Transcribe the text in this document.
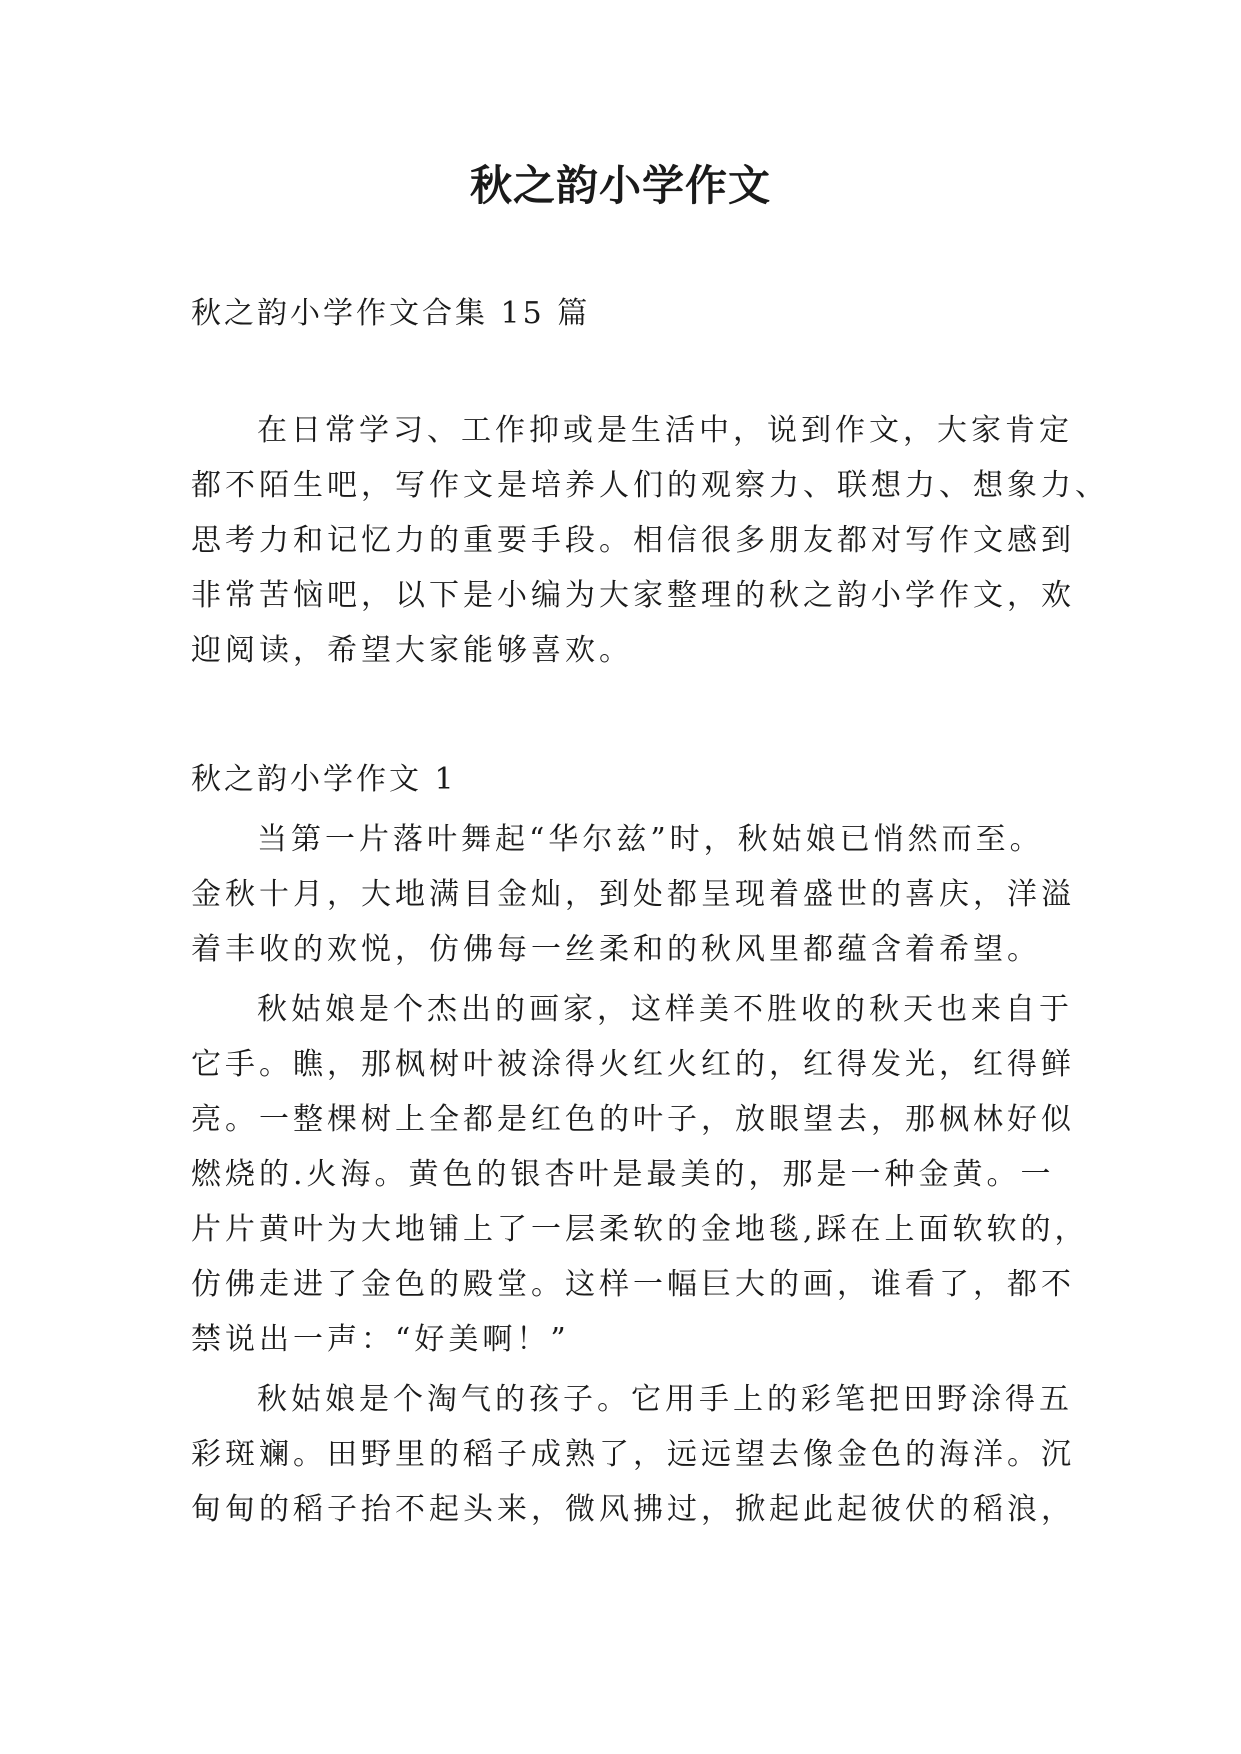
秋之韵小学作文

秋之韵小学作文合集 15 篇

在日常学习、工作抑或是生活中，说到作文，大家肯定
都不陌生吧，写作文是培养人们的观察力、联想力、想象力、
思考力和记忆力的重要手段。相信很多朋友都对写作文感到
非常苦恼吧，以下是小编为大家整理的秋之韵小学作文，欢
迎阅读，希望大家能够喜欢。

秋之韵小学作文 1

当第一片落叶舞起“华尔兹”时，秋姑娘已悄然而至。
金秋十月，大地满目金灿，到处都呈现着盛世的喜庆，洋溢
着丰收的欢悦，仿佛每一丝柔和的秋风里都蕴含着希望。
秋姑娘是个杰出的画家，这样美不胜收的秋天也来自于
它手。瞧，那枫树叶被涂得火红火红的，红得发光，红得鲜
亮。一整棵树上全都是红色的叶子，放眼望去，那枫林好似
燃烧的.火海。黄色的银杏叶是最美的，那是一种金黄。一
片片黄叶为大地铺上了一层柔软的金地毯,踩在上面软软的，
仿佛走进了金色的殿堂。这样一幅巨大的画，谁看了，都不
禁说出一声：“好美啊！”
秋姑娘是个淘气的孩子。它用手上的彩笔把田野涂得五
彩斑斓。田野里的稻子成熟了，远远望去像金色的海洋。沉
甸甸的稻子抬不起头来，微风拂过，掀起此起彼伏的稻浪，
